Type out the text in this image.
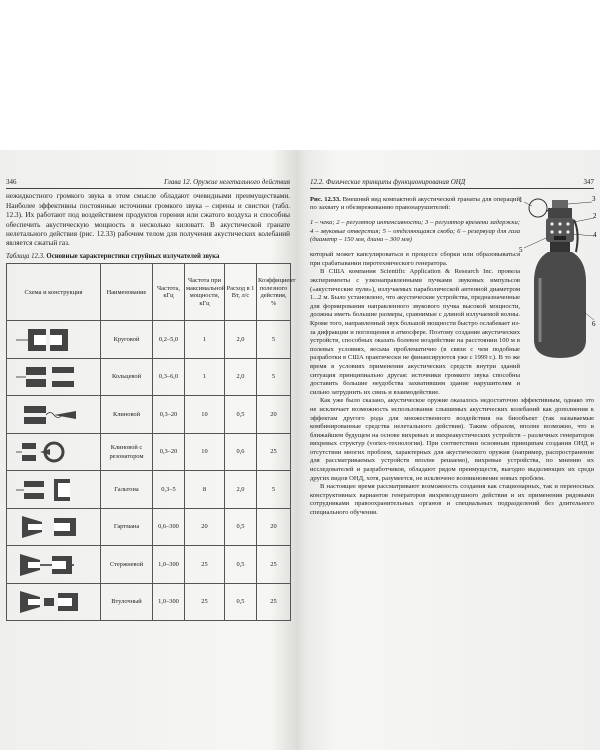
346	Глава 12. Оружие нелетального действия

нежидкостного громкого звука в этом смысле обладают очевидными преимуществами. Наиболее эффективны постоянные источники громкого звука – сирены и свистки (табл. 12.3). Их работают под воздействием продуктов горения или сжатого воздуха и способны обеспечить акустическую мощность в несколько киловатт. В акустической гранате нелетального действия (рис. 12.33) рабочим телом для получения акустических колебаний является сжатый газ.

Таблица 12.3. Основные характеристики струйных излучателей звука
Схема и конструкция	Наименование	Частота, кГц	Частота при максимальной мощности, кГц	Расход в 1 Вт, л/с	Коэффициент полезного действия, %

	Круговой	0,2–5,0	1	2,0	5

	Кольцевой	0,3–6,0	1	2,0	5

	Клиновой	0,3–20	10	0,5	20

	Клиновой с резонатором	0,3–20	10	0,6	25

	Гальтона	0,3–5	8	2,0	5

	Гартмана	0,6–300	20	0,5	20

	Стержневой	1,0–300	25	0,5	25

	Втулочный	1,0–300	25	0,5	25
12.2. Физические принципы функционирования ОНД	347
1	3
2
4
5
6

Рис. 12.33. Внешний вид компактной акустической гранаты для операций по захвату и обезвреживанию правонарушителей:

1 – чека; 2 – регулятор интенсивности; 3 – регулятор времени задержки; 4 – звуковые отверстия; 5 – отделяющаяся скоба; 6 – резервуар для газа (диаметр – 150 мм, длина – 300 мм)

который может капсулироваться в процессе сборки или образовываться при срабатывании пиротехнического генератора.

В США компания Scientific Application & Research Inc. провела эксперименты с узконаправленными пучками звуковых импульсов («акустические пули»), излучаемых параболической антенной диаметром 1...2 м. Было установлено, что акустические устройства, предназначенные для формирования направленного звукового пучка высокой мощности, должны иметь большие размеры, сравнимые с длиной излучаемой волны. Кроме того, направленный звук большой мощности быстро ослабевает из-за дифракции и поглощения в атмосфере. Поэтому создание акустических устройств, способных оказать болевое воздействие на расстоянии 100 м в полевых условиях, весьма проблематично (в связи с чем подобные разработки в США практически не финансируются уже с 1999 г.). В то же время в условиях применения акустических средств внутри зданий ситуация принципиально другая: источники громкого звука способны доставить большие неудобства захватившим здание нарушителям и сильно затруднить их связь и взаимодействие.

Как уже было сказано, акустическое оружие оказалось недостаточно эффективным, однако это не исключает возможность использования слышимых акустических колебаний как дополнения к эффектам другого рода для множественного воздействия на биообъект (так называемые комбинированные средства нелетального действия). Таким образом, вполне возможно, что в ближайшем будущем на основе вихревых и вихреакустических устройств – различных генераторов вихревых структур (vortex-технология). При соответствии основным принципам создания ОНД и отсутствии многих проблем, характерных для акустического оружия (например, распространение для рассматриваемых устройств вполне решаемо), вихревые устройства, по мнению их исследователей и разработчиков, обладают рядом преимуществ, выгодно выделяющих их среди других видов ОНД, хотя, разумеется, не исключено возникновение новых проблем.

В настоящее время рассматривают возможность создания как стационарных, так и переносных конструктивных вариантов генераторов вихревоздушного действия и их применения рядовыми сотрудниками правоохранительных органов и специальных подразделений без длительного специального обучения.
